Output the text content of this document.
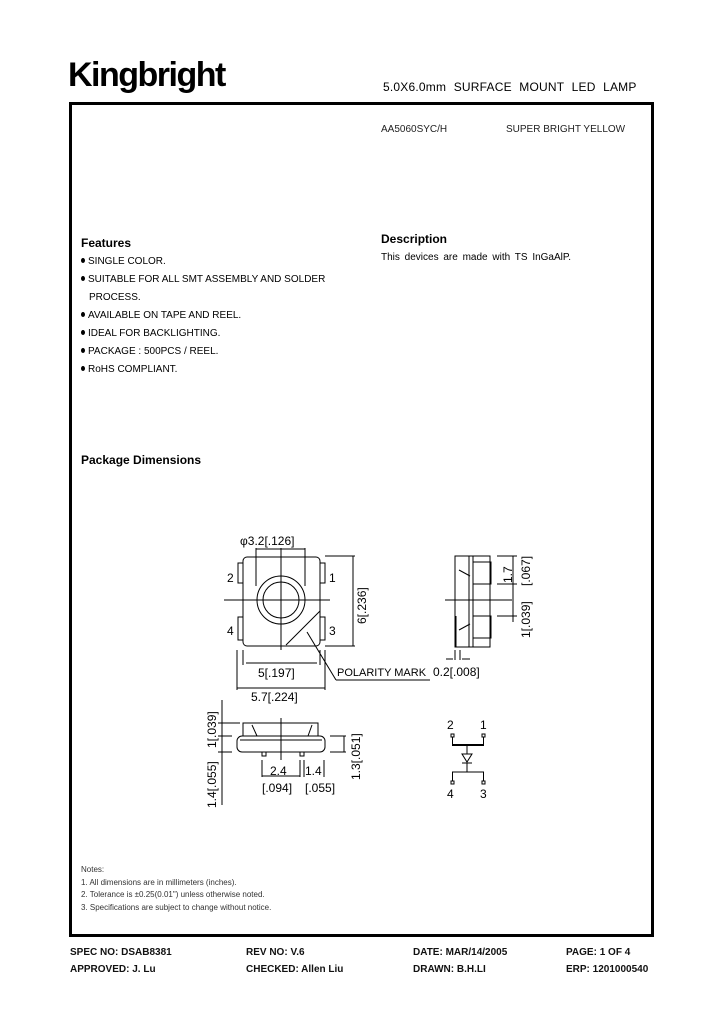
Kingbright	5.0X6.0mm SURFACE MOUNT LED LAMP
AA5060SYC/H	SUPER BRIGHT YELLOW
Features
SINGLE COLOR.
SUITABLE FOR ALL SMT ASSEMBLY AND SOLDER
PROCESS.
AVAILABLE ON TAPE AND REEL.
IDEAL FOR BACKLIGHTING.
PACKAGE : 500PCS / REEL.
RoHS COMPLIANT.
Description
This devices are made with TS InGaAlP.
Package Dimensions
φ3.2[.126]
2	1
4	3
6[.236]
5[.197]
5.7[.224]
POLARITY MARK 0.2[.008]
1.7 [.067]
1[.039]
1[.039]
1.4[.055]
1.3[.051]
2.4
[.094]
1.4
[.055]
2 1
4 3
Notes:
1. All dimensions are in millimeters (inches).
2. Tolerance is ±0.25(0.01") unless otherwise noted.
3. Specifications are subject to change without notice.
SPEC NO: DSAB8381	REV NO: V.6	DATE: MAR/14/2005	PAGE: 1 OF 4
APPROVED: J. Lu	CHECKED: Allen Liu	DRAWN: B.H.LI	ERP: 1201000540
